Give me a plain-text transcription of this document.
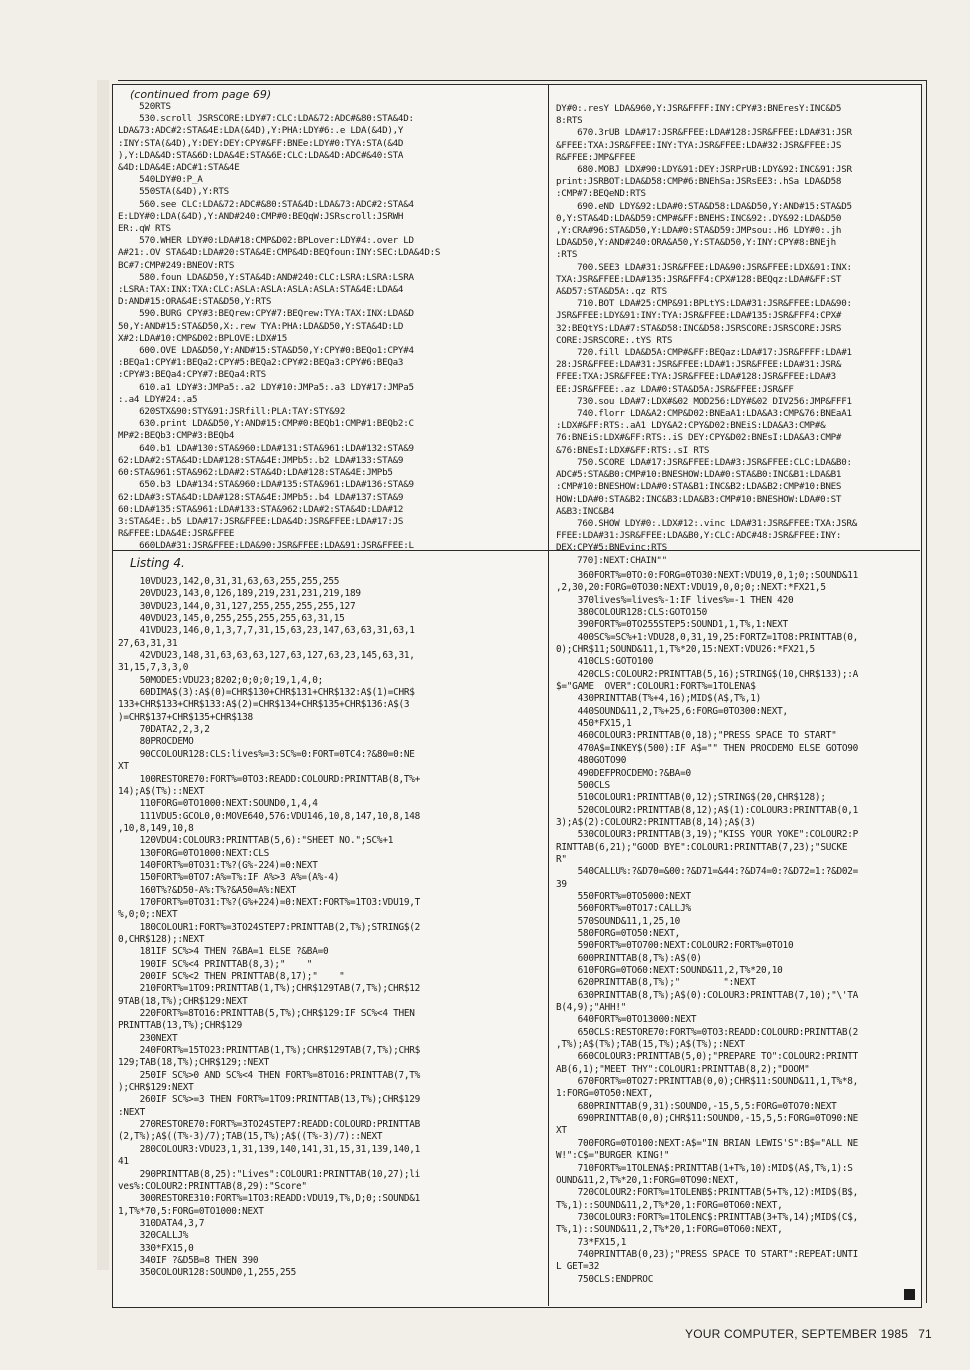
(continued from page 69)
520RTS
530.scroll JSRSCORE:LDY#7:CLC:LDA&72:ADC#&80:STA&4D:
LDA&73:ADC#2:STA&4E:LDA(&4D),Y:PHA:LDY#6:.e LDA(&4D),Y
:INY:STA(&4D),Y:DEY:DEY:CPY#&FF:BNEe:LDY#0:TYA:STA(&4D
),Y:LDA&4D:STA&6D:LDA&4E:STA&6E:CLC:LDA&4D:ADC#&40:STA
&4D:LDA&4E:ADC#1:STA&4E
540LDY#0:P_A
550STA(&4D),Y:RTS
560.see CLC:LDA&72:ADC#&80:STA&4D:LDA&73:ADC#2:STA&4
E:LDY#0:LDA(&4D),Y:AND#240:CMP#0:BEQqW:JSRscroll:JSRWH
ER:.qW RTS
570.WHER LDY#0:LDA#18:CMP&D02:BPLover:LDY#4:.over LD
A#21:.OV STA&4D:LDA#20:STA&4E:CMP&4D:BEQfoun:INY:SEC:LDA&4D:S
BC#7:CMP#249:BNEOV:RTS
580.foun LDA&D50,Y:STA&4D:AND#240:CLC:LSRA:LSRA:LSRA
:LSRA:TAX:INX:TXA:CLC:ASLA:ASLA:ASLA:ASLA:STA&4E:LDA&4
D:AND#15:ORA&4E:STA&D50,Y:RTS
590.BURG CPY#3:BEQrew:CPY#7:BEQrew:TYA:TAX:INX:LDA&D
50,Y:AND#15:STA&D50,X:.rew TYA:PHA:LDA&D50,Y:STA&4D:LD
X#2:LDA#10:CMP&D02:BPLOVE:LDX#15
600.OVE LDA&D50,Y:AND#15:STA&D50,Y:CPY#0:BEQo1:CPY#4
:BEQa1:CPY#1:BEQa2:CPY#5:BEQa2:CPY#2:BEQa3:CPY#6:BEQa3
:CPY#3:BEQa4:CPY#7:BEQa4:RTS
610.a1 LDY#3:JMPa5:.a2 LDY#10:JMPa5:.a3 LDY#17:JMPa5
:.a4 LDY#24:.a5
620STX&90:STY&91:JSRfill:PLA:TAY:STY&92
630.print LDA&D50,Y:AND#15:CMP#0:BEQb1:CMP#1:BEQb2:C
MP#2:BEQb3:CMP#3:BEQb4
640.b1 LDA#130:STA&960:LDA#131:STA&961:LDA#132:STA&9
62:LDA#2:STA&4D:LDA#128:STA&4E:JMPb5:.b2 LDA#133:STA&9
60:STA&961:STA&962:LDA#2:STA&4D:LDA#128:STA&4E:JMPb5
650.b3 LDA#134:STA&960:LDA#135:STA&961:LDA#136:STA&9
62:LDA#3:STA&4D:LDA#128:STA&4E:JMPb5:.b4 LDA#137:STA&9
60:LDA#135:STA&961:LDA#133:STA&962:LDA#2:STA&4D:LDA#12
3:STA&4E:.b5 LDA#17:JSR&FFEE:LDA&4D:JSR&FFEE:LDA#17:JS
R&FFEE:LDA&4E:JSR&FFEE
660LDA#31:JSR&FFEE:LDA&90:JSR&FFEE:LDA&91:JSR&FFEE:L
DY#0:.resY LDA&960,Y:JSR&FFFF:INY:CPY#3:BNEresY:INC&D5
8:RTS
670.3rUB LDA#17:JSR&FFEE:LDA#128:JSR&FFEE:LDA#31:JSR
&FFEE:TXA:JSR&FFEE:INY:TYA:JSR&FFEE:LDA#32:JSR&FFEE:JS
R&FFEE:JMP&FFEE
680.MOBJ LDX#90:LDY&91:DEY:JSRPrUB:LDY&92:INC&91:JSR
print:JSRBOT:LDA&D58:CMP#6:BNEhSa:JSRsEE3:.hSa LDA&D58
:CMP#7:BEQeND:RTS
690.eND LDY&92:LDA#0:STA&D58:LDA&D50,Y:AND#15:STA&D5
0,Y:STA&4D:LDA&D59:CMP#&FF:BNEHS:INC&92:.DY&92:LDA&D50
,Y:CRA#96:STA&D50,Y:LDA#0:STA&D59:JMPsou:.H6 LDY#0:.jh
LDA&D50,Y:AND#240:ORA&A50,Y:STA&D50,Y:INY:CPY#8:BNEjh
:RTS
700.SEE3 LDA#31:JSR&FFEE:LDA&90:JSR&FFEE:LDX&91:INX:
TXA:JSR&FFEE:LDA#135:JSR&FFF4:CPX#128:BEQqz:LDA#&FF:ST
A&D57:STA&D5A:.qz RTS
710.BOT LDA#25:CMP&91:BPLtYS:LDA#31:JSR&FFEE:LDA&90:
JSR&FFEE:LDY&91:INY:TYA:JSR&FFEE:LDA#135:JSR&FFF4:CPX#
32:BEQtYS:LDA#7:STA&D58:INC&D58:JSRSCORE:JSRSCORE:JSRS
CORE:JSRSCORE:.tYS RTS
720.fill LDA&D5A:CMP#&FF:BEQaz:LDA#17:JSR&FFFF:LDA#1
28:JSR&FFEE:LDA#31:JSR&FFEE:LDA#1:JSR&FFEE:LDA#31:JSR&
FFEE:TXA:JSR&FFEE:TYA:JSR&FFEE:LDA#128:JSR&FFEE:LDA#3
EE:JSR&FFEE:.az LDA#0:STA&D5A:JSR&FFEE:JSR&FF
730.sou LDA#7:LDX#&02 MOD256:LDY#&02 DIV256:JMP&FFF1
740.florr LDA&A2:CMP&D02:BNEaA1:LDA&A3:CMP&76:BNEaA1
:LDX#&FF:RTS:.aA1 LDY&A2:CPY&D02:BNEiS:LDA&A3:CMP#&
76:BNEiS:LDX#&FF:RTS:.iS DEY:CPY&D02:BNEsI:LDA&A3:CMP#
&76:BNEsI:LDX#&FF:RTS:.sI RTS
750.SCORE LDA#17:JSR&FFEE:LDA#3:JSR&FFEE:CLC:LDA&B0:
ADC#5:STA&B0:CMP#10:BNESHOW:LDA#0:STA&B0:INC&B1:LDA&B1
:CMP#10:BNESHOW:LDA#0:STA&B1:INC&B2:LDA&B2:CMP#10:BNES
HOW:LDA#0:STA&B2:INC&B3:LDA&B3:CMP#10:BNESHOW:LDA#0:ST
A&B3:INC&B4
760.SHOW LDY#0:.LDX#12:.vinc LDA#31:JSR&FFEE:TXA:JSR&
FFEE:LDA#31:JSR&FFEE:LDA&B0,Y:CLC:ADC#48:JSR&FFEE:INY:
DEX:CPY#5:BNEvinc:RTS
770]:NEXT:CHAIN""
Listing 4.
10VDU23,142,0,31,31,63,63,255,255,255
20VDU23,143,0,126,189,219,231,231,219,189
30VDU23,144,0,31,127,255,255,255,255,127
40VDU23,145,0,255,255,255,255,63,31,15
41VDU23,146,0,1,3,7,7,31,15,63,23,147,63,63,31,63,1
27,63,31,31
42VDU23,148,31,63,63,63,127,63,127,63,23,145,63,31,
31,15,7,3,3,0
50MODE5:VDU23;8202;0;0;0;19,1,4,0;
60DIMA$(3):A$(0)=CHR$130+CHR$131+CHR$132:A$(1)=CHR$
133+CHR$133+CHR$133:A$(2)=CHR$134+CHR$135+CHR$136:A$(3
)=CHR$137+CHR$135+CHR$138
70DATA2,2,3,2
80PROCDEMO
90CCOLOUR128:CLS:lives%=3:SC%=0:FORT=0TC4:?&80=0:NE
XT
100RESTORE70:FORT%=0TO3:READD:COLOURD:PRINTTAB(8,T%+
14);A$(T%)::NEXT
110FORG=0TO1000:NEXT:SOUND0,1,4,4
111VDU5:GCOL0,0:MOVE640,576:VDU146,10,8,147,10,8,148
,10,8,149,10,8
120VDU4:COLOUR3:PRINTTAB(5,6):"SHEET NO.";SC%+1
130FORG=0TO1000:NEXT:CLS
140FORT%=0TO31:T%?(G%-224)=0:NEXT
150FORT%=0TO7:A%=T%:IF A%>3 A%=(A%-4)
160T%?&D50-A%:T%?&A50=A%:NEXT
170FORT%=0TO31:T%?(G%+224)=0:NEXT:FORT%=1TO3:VDU19,T
%,0;0;:NEXT
180COLOUR1:FORT%=3TO24STEP7:PRINTTAB(2,T%);STRING$(2
0,CHR$128);:NEXT
181IF SC%>4 THEN ?&BA=1 ELSE ?&BA=0
190IF SC%<4 PRINTTAB(8,3);"    "
200IF SC%<2 THEN PRINTTAB(8,17);"    "
210FORT%=1TO9:PRINTTAB(1,T%);CHR$129TAB(7,T%);CHR$12
9TAB(18,T%);CHR$129:NEXT
220FORT%=8TO16:PRINTTAB(5,T%);CHR$129:IF SC%<4 THEN
PRINTTAB(13,T%);CHR$129
230NEXT
240FORT%=15TO23:PRINTTAB(1,T%);CHR$129TAB(7,T%);CHR$
129;TAB(18,T%);CHR$129;:NEXT
250IF SC%>0 AND SC%<4 THEN FORT%=8TO16:PRINTTAB(7,T%
);CHR$129:NEXT
260IF SC%>=3 THEN FORT%=1TO9:PRINTTAB(13,T%);CHR$129
:NEXT
270RESTORE70:FORT%=3TO24STEP7:READD:COLOURD:PRINTTAB
(2,T%);A$((T%-3)/7);TAB(15,T%);A$((T%-3)/7)::NEXT
280COLOUR3:VDU23,1,31,139,140,141,31,15,31,139,140,1
41
290PRINTTAB(8,25):"Lives":COLOUR1:PRINTTAB(10,27);li
ves%:COLOUR2:PRINTTAB(8,29):"Score"
300RESTORE310:FORT%=1TO3:READD:VDU19,T%,D;0;:SOUND&1
1,T%*70,5:FORG=0TO1000:NEXT
310DATA4,3,7
320CALLJ%
330*FX15,0
340IF ?&D5B=8 THEN 390
350COLOUR128:SOUND0,1,255,255
360FORT%=0TO:0:FORG=0TO30:NEXT:VDU19,0,1;0;:SOUND&11
,2,30,20:FORG=0TO30:NEXT:VDU19,0,0;0;:NEXT:*FX21,5
370lives%=lives%-1:IF lives%=-1 THEN 420
380COLOUR128:CLS:GOTO150
390FORT%=0TO255STEP5:SOUND1,1,T%,1:NEXT
400SC%=SC%+1:VDU28,0,31,19,25:FORTZ=1TO8:PRINTTAB(0,
0);CHR$11;SOUND&11,1,T%*20,15:NEXT:VDU26:*FX21,5
410CLS:GOTO100
420CLS:COLOUR2:PRINTTAB(5,16);STRING$(10,CHR$133);:A
$="GAME  OVER":COLOUR1:FORT%=1TOLENA$
430PRINTTAB(T%+4,16);MID$(A$,T%,1)
440SOUND&11,2,T%+25,6:FORG=0TO300:NEXT,
450*FX15,1
460COLOUR3:PRINTTAB(0,18);"PRESS SPACE TO START"
470A$=INKEY$(500):IF A$="" THEN PROCDEMO ELSE GOTO90
480GOTO90
490DEFPROCDEMO:?&BA=0
500CLS
510COLOUR1:PRINTTAB(0,12);STRING$(20,CHR$128);
520COLOUR2:PRINTTAB(8,12);A$(1):COLOUR3:PRINTTAB(0,1
3);A$(2):COLOUR2:PRINTTAB(8,14);A$(3)
530COLOUR3:PRINTTAB(3,19);"KISS YOUR YOKE":COLOUR2:P
RINTTAB(6,21);"GOOD BYE":COLOUR1:PRINTTAB(7,23);"SUCKE
R"
540CALLU%:?&D70=&00:?&D71=&44:?&D74=0:?&D72=1:?&D02=
39
550FORT%=0TO5000:NEXT
560FORT%=0TO17:CALLJ%
570SOUND&11,1,25,10
580FORG=0TO50:NEXT,
590FORT%=0TO700:NEXT:COLOUR2:FORT%=0TO10
600PRINTTAB(8,T%):A$(0)
610FORG=0TO60:NEXT:SOUND&11,2,T%*20,10
620PRINTTAB(8,T%);"        ":NEXT
630PRINTTAB(8,T%);A$(0):COLOUR3:PRINTTAB(7,10);"\'TA
B(4,9);"AHH!"
640FORT%=0TO13000:NEXT
650CLS:RESTORE70:FORT%=0TO3:READD:COLOURD:PRINTTAB(2
,T%);A$(T%);TAB(15,T%);A$(T%);:NEXT
660COLOUR3:PRINTTAB(5,0);"PREPARE TO":COLOUR2:PRINTT
AB(6,1);"MEET THY":COLOUR1:PRINTTAB(8,2);"DOOM"
670FORT%=0TO27:PRINTTAB(0,0);CHR$11:SOUND&11,1,T%*8,
1:FORG=0TO50:NEXT,
680PRINTTAB(9,31):SOUND0,-15,5,5:FORG=0TO70:NEXT
690PRINTTAB(0,0);CHR$11:SOUND0,-15,5,5:FORG=0TO90:NE
XT
700FORG=0TO100:NEXT:A$="IN BRIAN LEWIS'S":B$="ALL NE
W!":C$="BURGER KING!"
710FORT%=1TOLENA$:PRINTTAB(1+T%,10):MID$(A$,T%,1):S
OUND&11,2,T%*20,1:FORG=0TO90:NEXT,
720COLOUR2:FORT%=1TOLENB$:PRINTTAB(5+T%,12):MID$(B$,
T%,1)::SOUND&11,2,T%*20,1:FORG=0TO60:NEXT,
730COLOUR3:FORT%=1TOLENC$:PRINTTAB(3+T%,14);MID$(C$,
T%,1)::SOUND&11,2,T%*20,1:FORG=0TO60:NEXT,
73*FX15,1
740PRINTTAB(0,23);"PRESS SPACE TO START":REPEAT:UNTI
L GET=32
750CLS:ENDPROC
YOUR COMPUTER, SEPTEMBER 1985 71
